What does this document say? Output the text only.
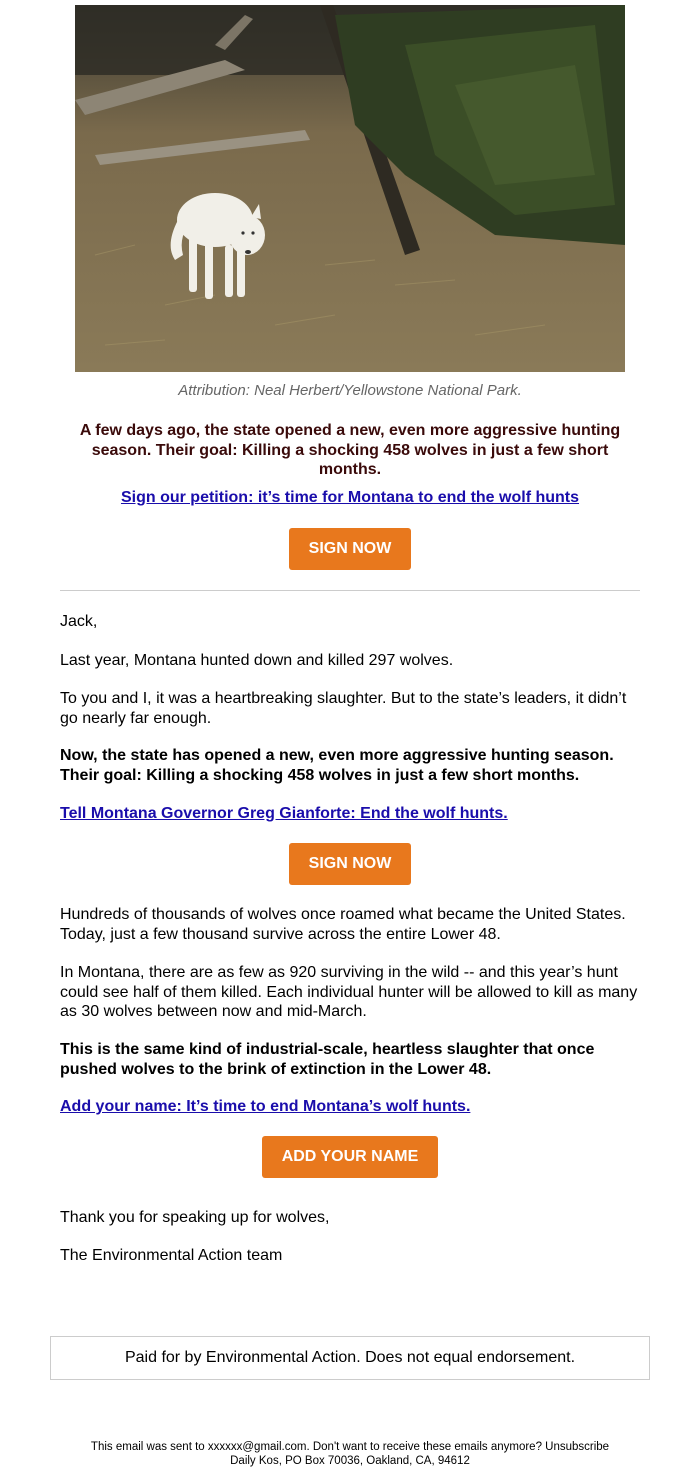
Attribution: Neal Herbert/Yellowstone National Park.
A few days ago, the state opened a new, even more aggressive hunting season. Their goal: Killing a shocking 458 wolves in just a few short months.
Sign our petition: it’s time for Montana to end the wolf hunts
SIGN NOW

Jack,

Last year, Montana hunted down and killed 297 wolves.

To you and I, it was a heartbreaking slaughter. But to the state’s leaders, it didn’t go nearly far enough.

Now, the state has opened a new, even more aggressive hunting season. Their goal: Killing a shocking 458 wolves in just a few short months.

Tell Montana Governor Greg Gianforte: End the wolf hunts.

SIGN NOW

Hundreds of thousands of wolves once roamed what became the United States. Today, just a few thousand survive across the entire Lower 48.

In Montana, there are as few as 920 surviving in the wild -- and this year’s hunt could see half of them killed. Each individual hunter will be allowed to kill as many as 30 wolves between now and mid-March.

This is the same kind of industrial-scale, heartless slaughter that once pushed wolves to the brink of extinction in the Lower 48.

Add your name: It’s time to end Montana’s wolf hunts.

ADD YOUR NAME

Thank you for speaking up for wolves,

The Environmental Action team

Paid for by Environmental Action. Does not equal endorsement.
This email was sent to xxxxxx@gmail.com. Don't want to receive these emails anymore? Unsubscribe
Daily Kos, PO Box 70036, Oakland, CA, 94612
